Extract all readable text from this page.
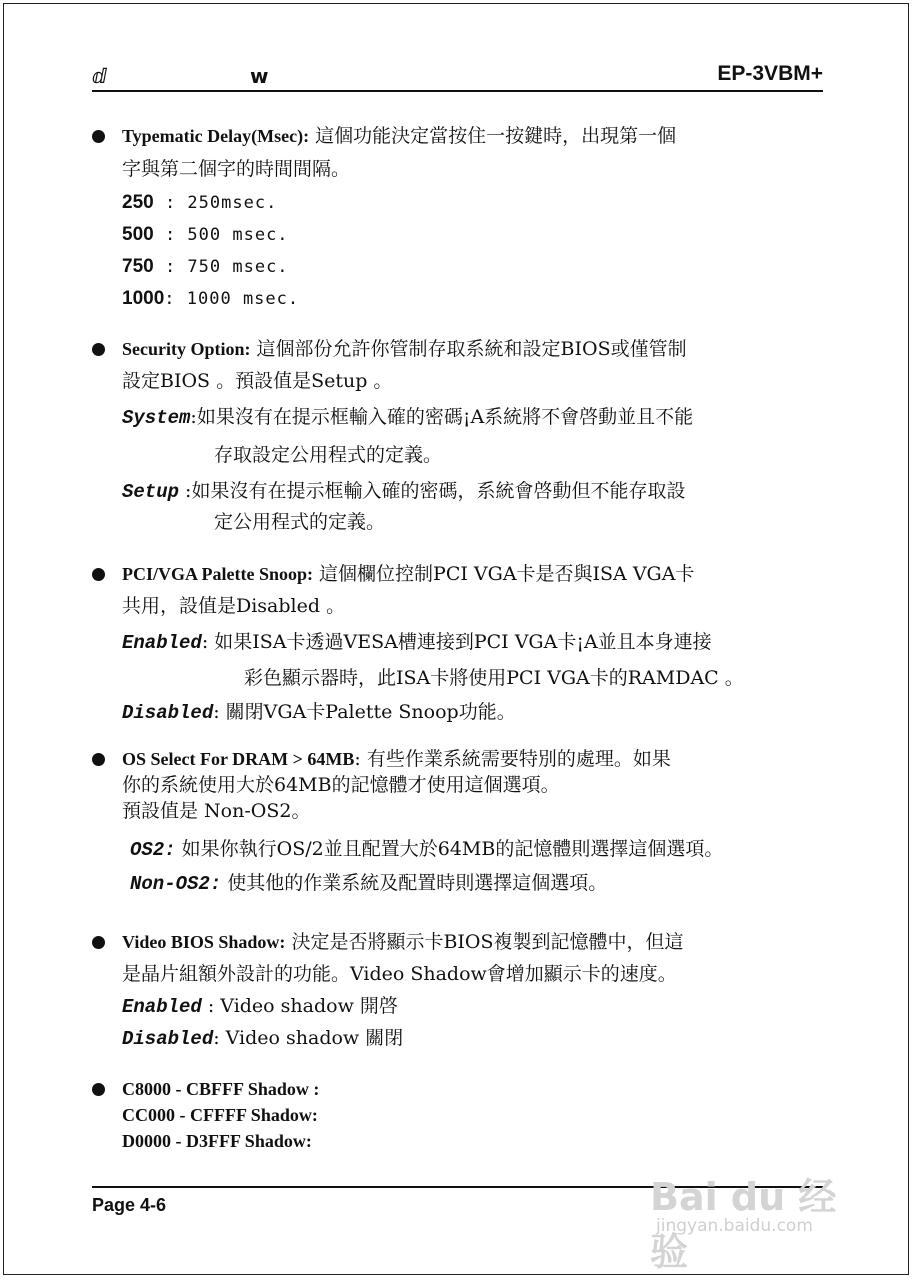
ⅆ	w	EP-3VBM+
Typematic Delay(Msec): 這個功能決定當按住一按鍵時，出現第一個
字與第二個字的時間間隔。
250 : 250msec.
500 : 500 msec.
750 : 750 msec.
1000: 1000 msec.
Security Option: 這個部份允許你管制存取系統和設定BIOS或僅管制
設定BIOS 。預設值是Setup 。
System:如果沒有在提示框輸入確的密碼¡A系統將不會啓動並且不能
存取設定公用程式的定義。
Setup :如果沒有在提示框輸入確的密碼，系統會啓動但不能存取設
定公用程式的定義。
PCI/VGA Palette Snoop: 這個欄位控制PCI VGA卡是否與ISA VGA卡
共用，設值是Disabled 。
Enabled: 如果ISA卡透過VESA槽連接到PCI VGA卡¡A並且本身連接
彩色顯示器時，此ISA卡將使用PCI VGA卡的RAMDAC 。
Disabled: 關閉VGA卡Palette Snoop功能。
OS Select For DRAM > 64MB: 有些作業系統需要特別的處理。如果
你的系統使用大於64MB的記憶體才使用這個選項。
預設值是 Non-OS2。
OS2: 如果你執行OS/2並且配置大於64MB的記憶體則選擇這個選項。
Non-OS2: 使其他的作業系統及配置時則選擇這個選項。
Video BIOS Shadow: 決定是否將顯示卡BIOS複製到記憶體中，但這
是晶片組額外設計的功能。Video Shadow會增加顯示卡的速度。
Enabled : Video shadow 開啓
Disabled: Video shadow 關閉
C8000 - CBFFF Shadow :
CC000 - CFFFF Shadow:
D0000 - D3FFF Shadow:
Page 4-6	Bai du 经验
jingyan.baidu.com
